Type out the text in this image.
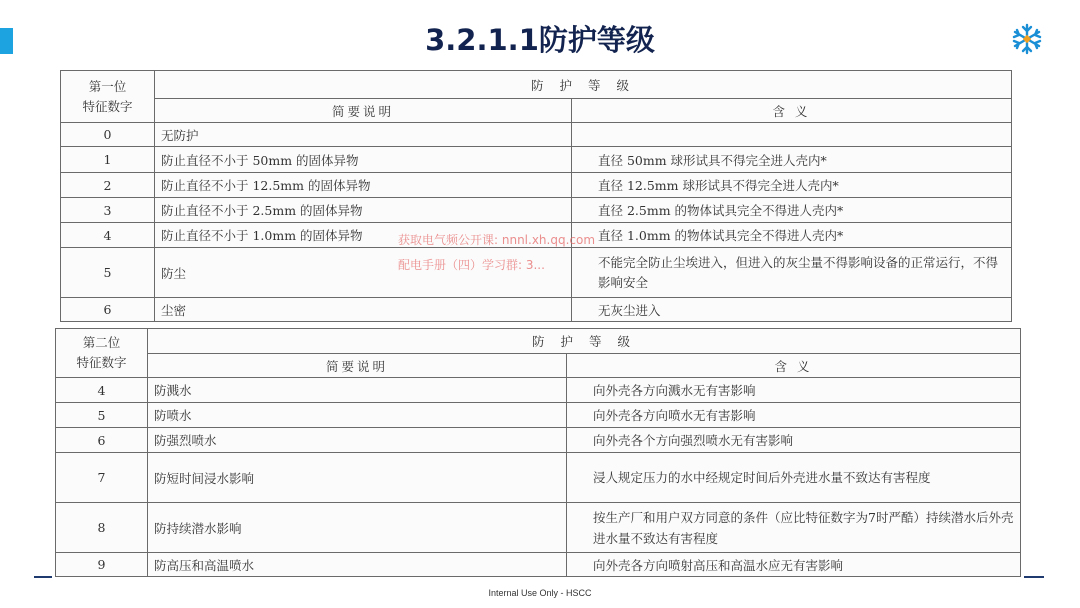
3.2.1.1防护等级
第一位
特征数字	防 护 等 级	
	简要说明	含 义
0	无防护	
1	防止直径不小于 50mm 的固体异物	直径 50mm 球形试具不得完全进人壳内*
2	防止直径不小于 12.5mm 的固体异物	直径 12.5mm 球形试具不得完全进人壳内*
3	防止直径不小于 2.5mm 的固体异物	直径 2.5mm 的物体试具完全不得进人壳内*
4	防止直径不小于 1.0mm 的固体异物	直径 1.0mm 的物体试具完全不得进人壳内*
5	防尘	不能完全防止尘埃进入，但进入的灰尘量不得影响设备的正常运行，不得影响安全
6	尘密	无灰尘进入
第二位
特征数字	防 护 等 级	
	简要说明	含 义
4	防溅水	向外壳各方向溅水无有害影响
5	防喷水	向外壳各方向喷水无有害影响
6	防强烈喷水	向外壳各个方向强烈喷水无有害影响
7	防短时间浸水影响	浸人规定压力的水中经规定时间后外壳进水量不致达有害程度
8	防持续潜水影响	按生产厂和用户双方同意的条件（应比特征数字为7时严酷）持续潜水后外壳进水量不致达有害程度
9	防高压和高温喷水	向外壳各方向喷射高压和高温水应无有害影响
获取电气频公开课: nnnl.xh.qq.com
配电手册（四）学习群: 3...
Internal Use Only - HSCC
